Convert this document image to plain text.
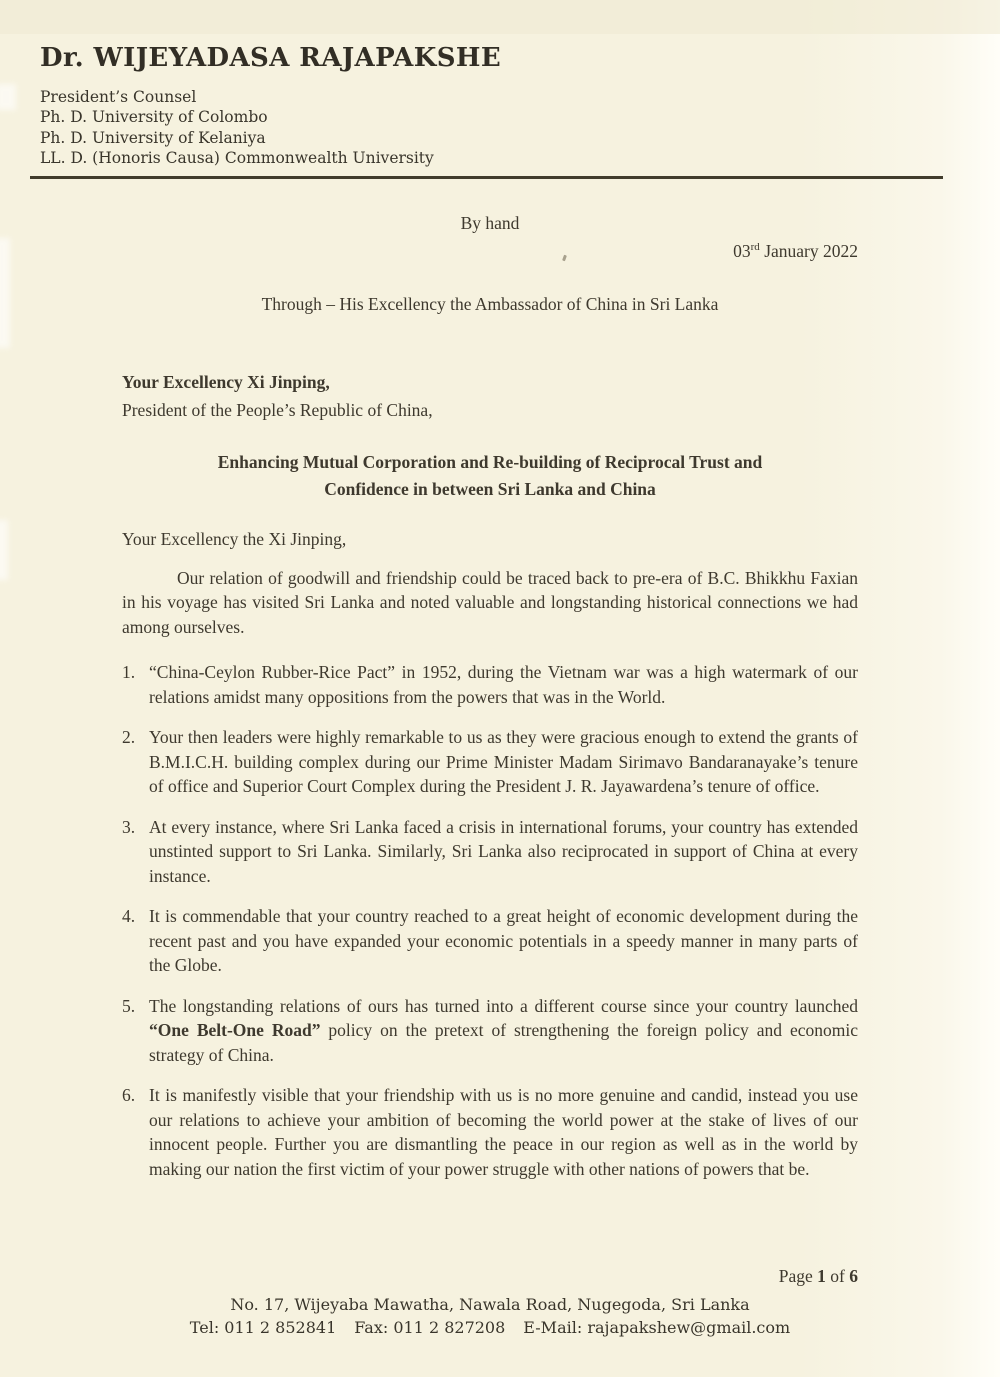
Dr. WIJEYADASA RAJAPAKSHE
President’s Counsel
Ph. D. University of Colombo
Ph. D. University of Kelaniya
LL. D. (Honoris Causa) Commonwealth University
By hand
03rd January 2022
Through – His Excellency the Ambassador of China in Sri Lanka
Your Excellency Xi Jinping,
President of the People’s Republic of China,
Enhancing Mutual Corporation and Re-building of Reciprocal Trust and
Confidence in between Sri Lanka and China
Your Excellency the Xi Jinping,

Our relation of goodwill and friendship could be traced back to pre-era of B.C. Bhikkhu Faxian in his voyage has visited Sri Lanka and noted valuable and longstanding historical connections we had among ourselves.

1. “China-Ceylon Rubber-Rice Pact” in 1952, during the Vietnam war was a high watermark of our relations amidst many oppositions from the powers that was in the World.
2. Your then leaders were highly remarkable to us as they were gracious enough to extend the grants of B.M.I.C.H. building complex during our Prime Minister Madam Sirimavo Bandaranayake’s tenure of office and Superior Court Complex during the President J. R. Jayawardena’s tenure of office.
3. At every instance, where Sri Lanka faced a crisis in international forums, your country has extended unstinted support to Sri Lanka. Similarly, Sri Lanka also reciprocated in support of China at every instance.
4. It is commendable that your country reached to a great height of economic development during the recent past and you have expanded your economic potentials in a speedy manner in many parts of the Globe.
5. The longstanding relations of ours has turned into a different course since your country launched “One Belt-One Road” policy on the pretext of strengthening the foreign policy and economic strategy of China.
6. It is manifestly visible that your friendship with us is no more genuine and candid, instead you use our relations to achieve your ambition of becoming the world power at the stake of lives of our innocent people. Further you are dismantling the peace in our region as well as in the world by making our nation the first victim of your power struggle with other nations of powers that be.
Page 1 of 6
No. 17, Wijeyaba Mawatha, Nawala Road, Nugegoda, Sri Lanka
Tel: 011 2 852841 Fax: 011 2 827208 E-Mail: rajapakshew@gmail.com
